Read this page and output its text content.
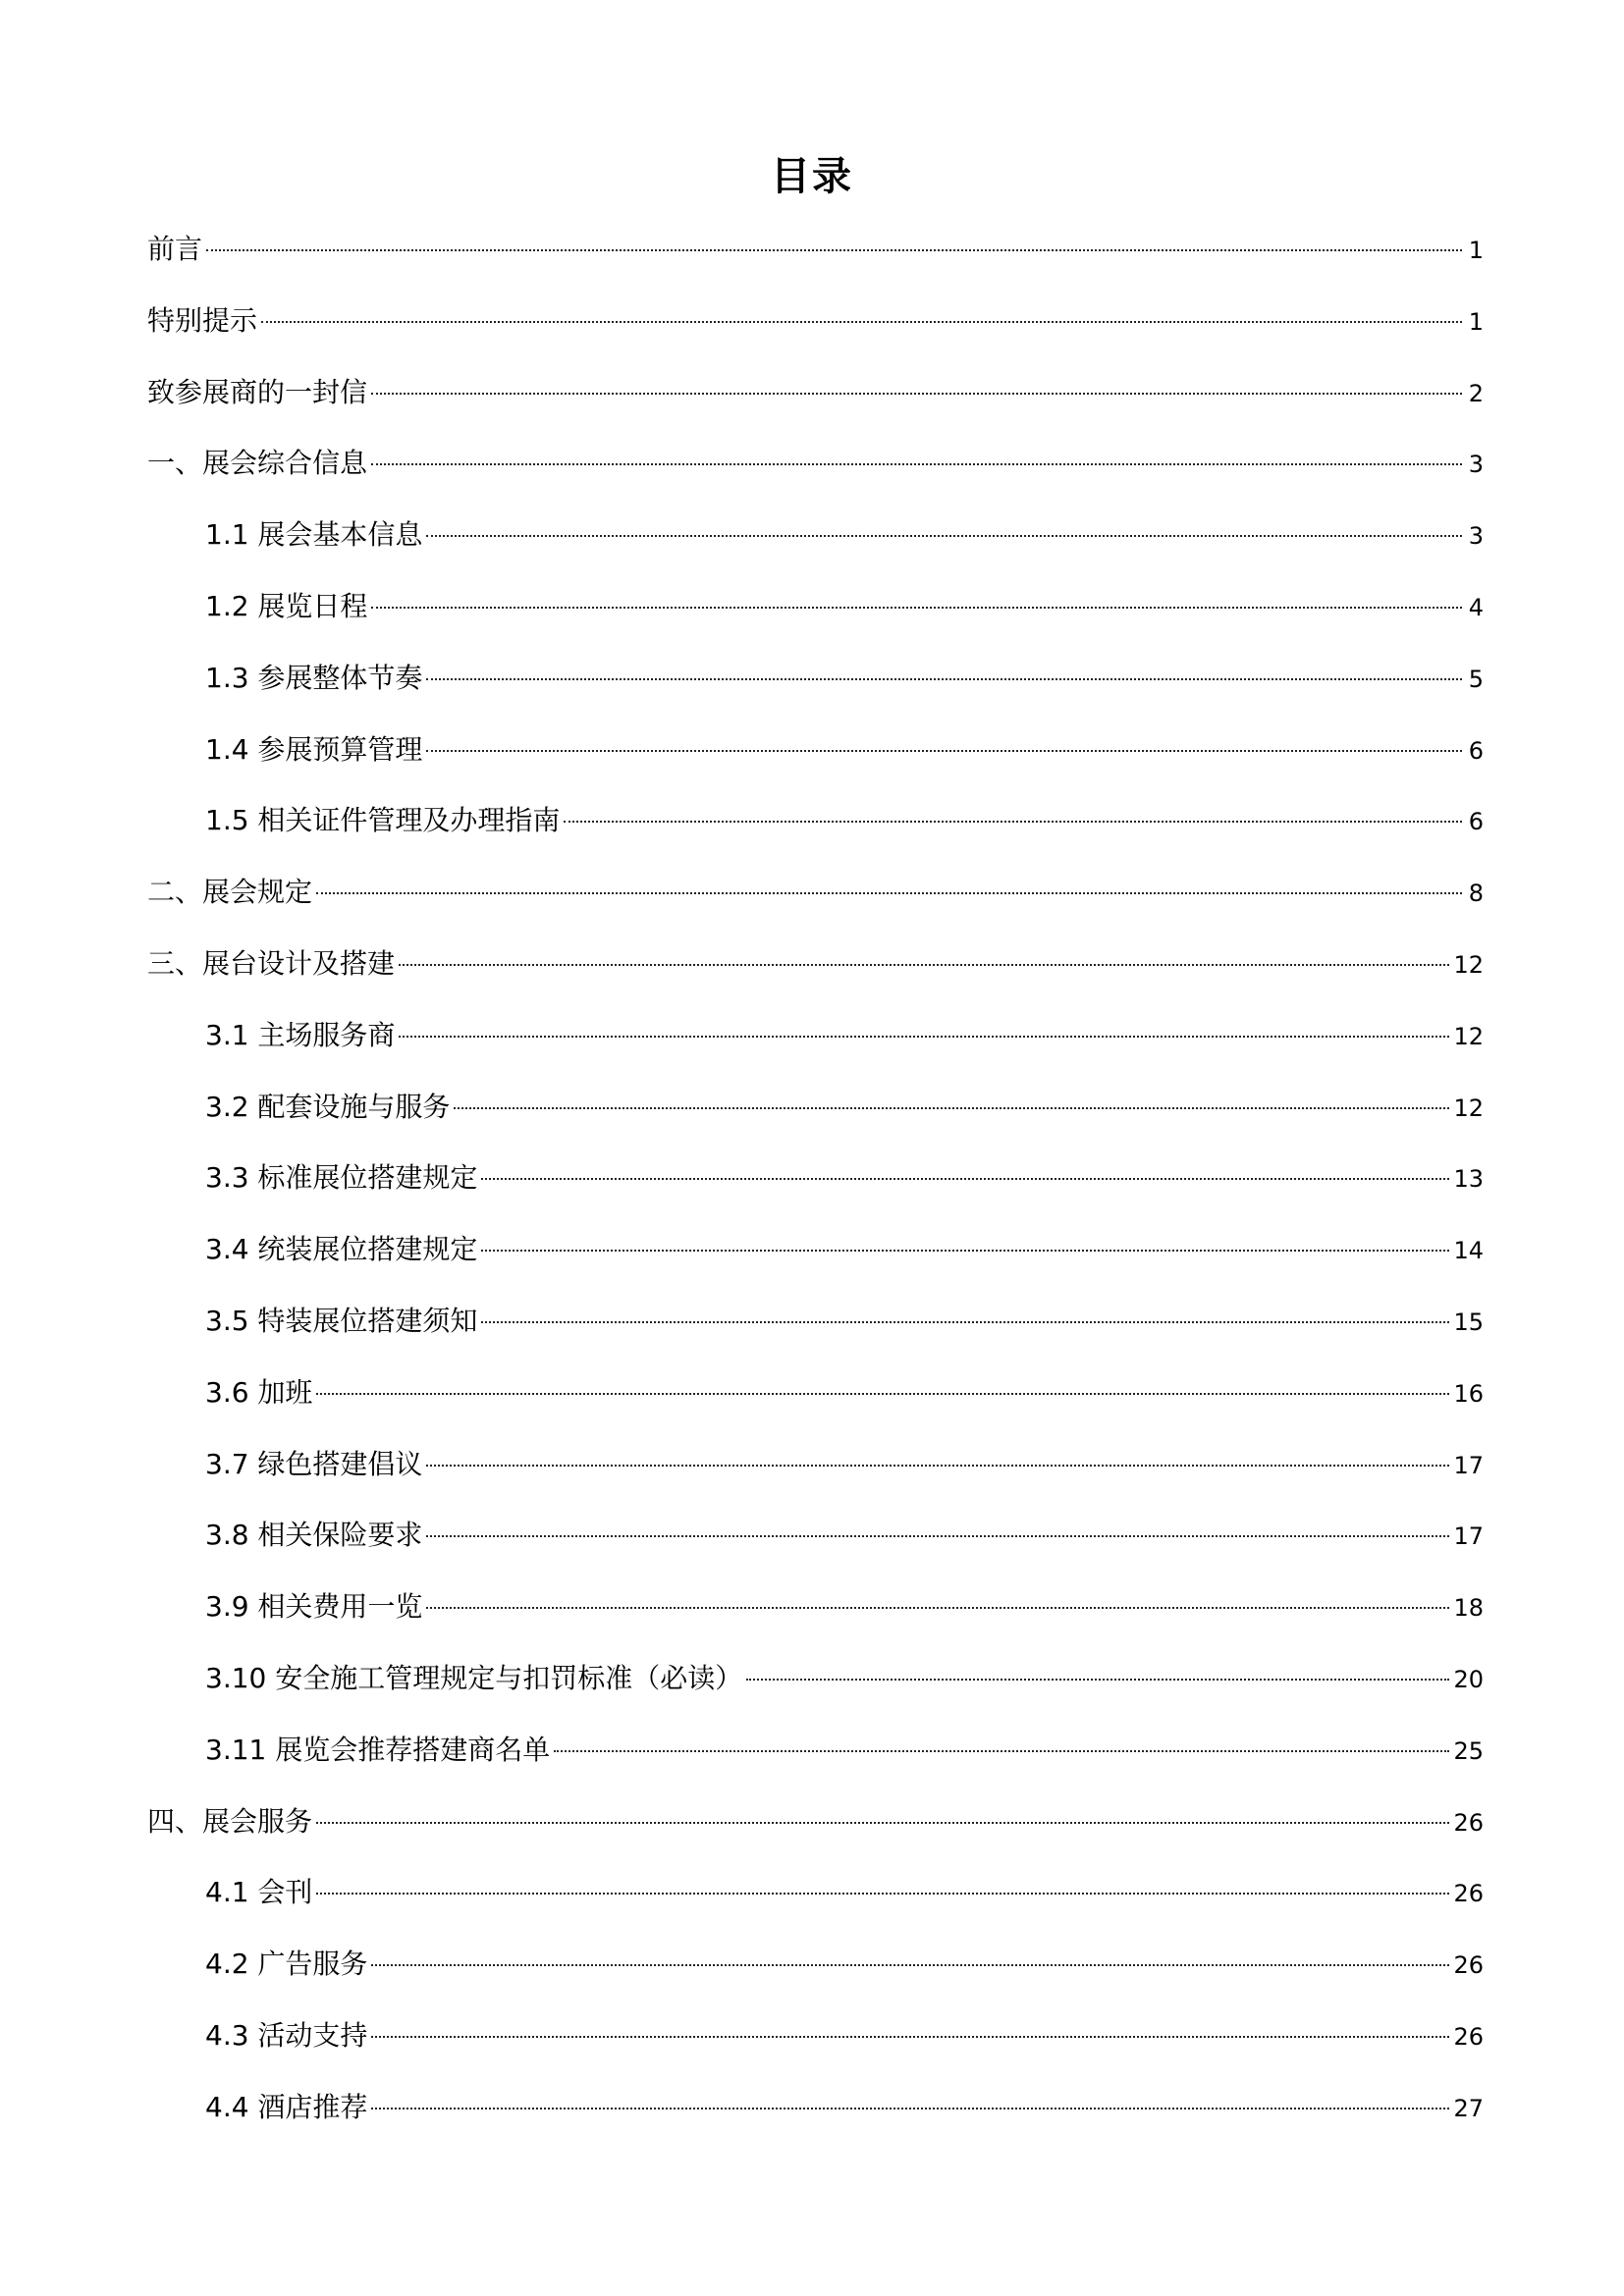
目录
前言	1
特别提示	1
致参展商的一封信	2
一、展会综合信息	3
1.1 展会基本信息	3
1.2 展览日程	4
1.3 参展整体节奏	5
1.4 参展预算管理	6
1.5 相关证件管理及办理指南	6
二、展会规定	8
三、展台设计及搭建	12
3.1 主场服务商	12
3.2 配套设施与服务	12
3.3 标准展位搭建规定	13
3.4 统装展位搭建规定	14
3.5 特装展位搭建须知	15
3.6 加班	16
3.7 绿色搭建倡议	17
3.8 相关保险要求	17
3.9 相关费用一览	18
3.10 安全施工管理规定与扣罚标准（必读）	20
3.11 展览会推荐搭建商名单	25
四、展会服务	26
4.1 会刊	26
4.2 广告服务	26
4.3 活动支持	26
4.4 酒店推荐	27
